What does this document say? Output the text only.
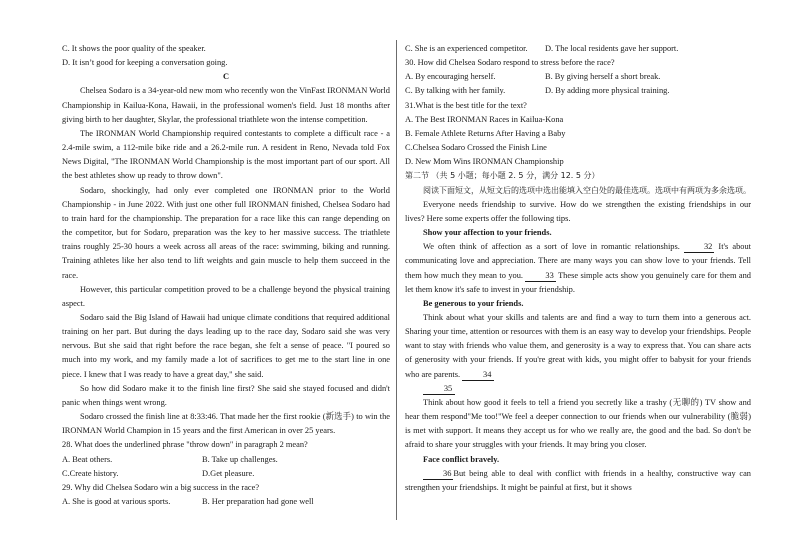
C. It shows the poor quality of the speaker.

D. It isn’t good for keeping a conversation going.

C

Chelsea Sodaro is a 34-year-old new mom who recently won the VinFast IRONMAN World Championship in Kailua-Kona, Hawaii, in the professional women's field. Just 18 months after giving birth to her daughter, Skylar, the professional triathlete won the intense competition.

The IRONMAN World Championship required contestants to complete a difficult race - a 2.4-mile swim, a 112-mile bike ride and a 26.2-mile run. A resident in Reno, Nevada told Fox News Digital, "The IRONMAN World Championship is the most important part of our sport. All the best athletes show up ready to throw down".

Sodaro, shockingly, had only ever completed one IRONMAN prior to the World Championship - in June 2022. With just one other full IRONMAN finished, Chelsea Sodaro had to train hard for the championship. The preparation for a race like this can range depending on the competitor, but for Sodaro, preparation was the key to her massive success. The triathlete trains roughly 25-30 hours a week across all areas of the race: swimming, biking and running. Training athletes like her also tend to lift weights and gain muscle to help them succeed in the race.

However, this particular competition proved to be a challenge beyond the physical training aspect.

Sodaro said the Big Island of Hawaii had unique climate conditions that required additional training on her part. But during the days leading up to the race day, Sodaro said she was very nervous. But she said that right before the race began, she felt a sense of peace. "I poured so much into my work, and my family made a lot of sacrifices to get me to the start line in one piece. I knew that I was ready to have a great day," she said.

So how did Sodaro make it to the finish line first? She said she stayed focused and didn't panic when things went wrong.

Sodaro crossed the finish line at 8:33:46. That made her the first rookie (新选手) to win the IRONMAN World Champion in 15 years and the first American in over 25 years.

28. What does the underlined phrase "throw down" in paragraph 2 mean?

A. Beat others.	B. Take up challenges.
C.Create history.	D.Get pleasure.

29. Why did Chelsea Sodaro win a big success in the race?

A. She is good at various sports.	B. Her preparation had gone well
C. She is an experienced competitor.	D. The local residents gave her support.

30. How did Chelsea Sodaro respond to stress before the race?

A. By encouraging herself.	B. By giving herself a short break.
C. By talking with her family.	D. By adding more physical training.

31.What is the best title for the text?

A. The Best IRONMAN Races in Kailua-Kona

B. Female Athlete Returns After Having a Baby

C.Chelsea Sodaro Crossed the Finish Line

D. New Mom Wins IRONMAN Championship

第二节 （共 5 小题；每小题 2. 5 分，满分 12. 5 分）

阅读下面短文，从短文后的选项中选出能填入空白处的最佳选项。选项中有两项为多余选项。

Everyone needs friendship to survive. How do we strengthen the existing friendships in our lives? Here some experts offer the following tips.

Show your affection to your friends.

We often think of affection as a sort of love in romantic relationships.	32 It's about communicating love and appreciation. There are many ways you can show love to your friends. Tell them how much they mean to you.	33 These simple acts show you genuinely care for them and let them know it's safe to invest in your friendship.

Be generous to your friends.

Think about what your skills and talents are and find a way to turn them into a generous act. Sharing your time, attention or resources with them is an easy way to develop your friendships. People want to stay with friends who value them, and generosity is a way to express that. You can share acts of generosity with your friends. If you're great with kids, you might offer to babysit for your friends who are parents.	34

35

Think about how good it feels to tell a friend you secretly like a trashy (无聊的) TV show and hear them respond"Me too!"We feel a deeper connection to our friends when our vulnerability (脆弱) is met with support. It means they accept us for who we really are, the good and the bad. So don't be afraid to share your struggles with your friends. It may bring you closer.

Face conflict bravely.

36 But being able to deal with conflict with friends in a healthy, constructive way can strengthen your friendships. It might be painful at first, but it shows
